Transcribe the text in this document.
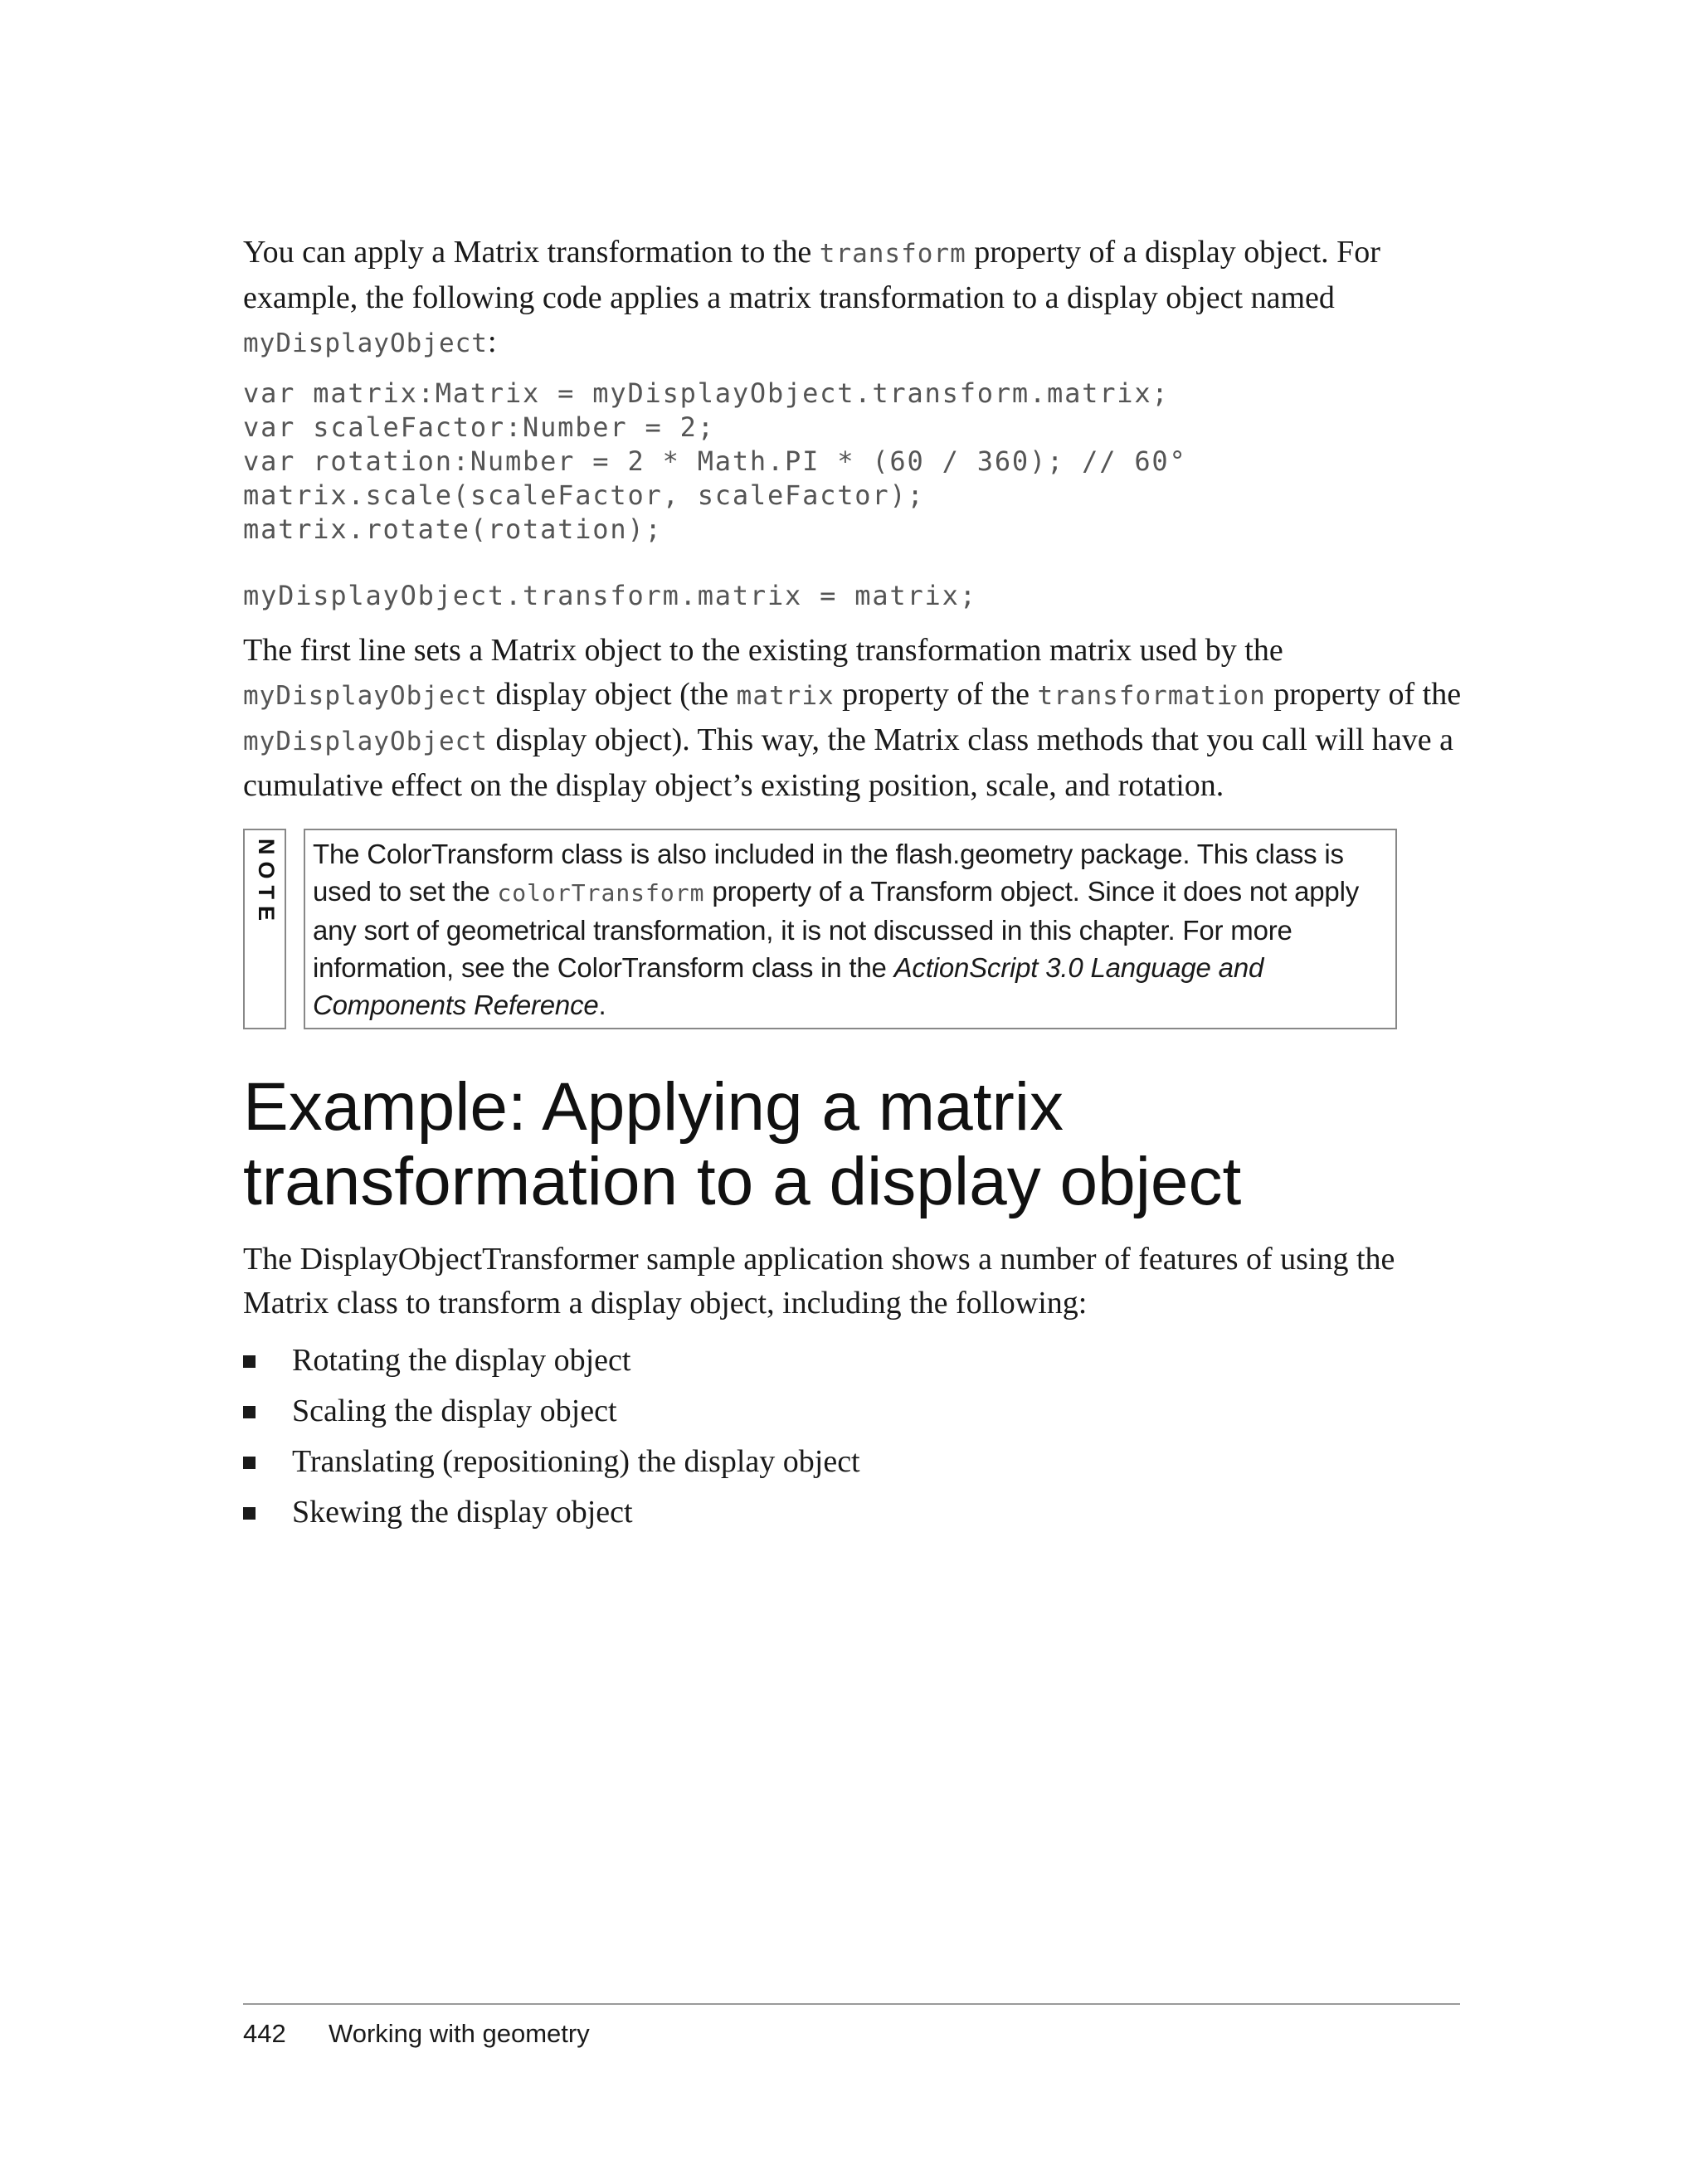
You can apply a Matrix transformation to the transform property of a display object. For example, the following code applies a matrix transformation to a display object named myDisplayObject:

var matrix:Matrix = myDisplayObject.transform.matrix;
var scaleFactor:Number = 2;
var rotation:Number = 2 * Math.PI * (60 / 360); // 60°
matrix.scale(scaleFactor, scaleFactor);
matrix.rotate(rotation);
myDisplayObject.transform.matrix = matrix;

The first line sets a Matrix object to the existing transformation matrix used by the myDisplayObject display object (the matrix property of the transformation property of the myDisplayObject display object). This way, the Matrix class methods that you call will have a cumulative effect on the display object’s existing position, scale, and rotation.

NOTE The ColorTransform class is also included in the flash.geometry package. This class is used to set the colorTransform property of a Transform object. Since it does not apply any sort of geometrical transformation, it is not discussed in this chapter. For more information, see the ColorTransform class in the ActionScript 3.0 Language and Components Reference.

Example: Applying a matrix
transformation to a display object

The DisplayObjectTransformer sample application shows a number of features of using the Matrix class to transform a display object, including the following:

Rotating the display object
Scaling the display object
Translating (repositioning) the display object
Skewing the display object
442 Working with geometry
